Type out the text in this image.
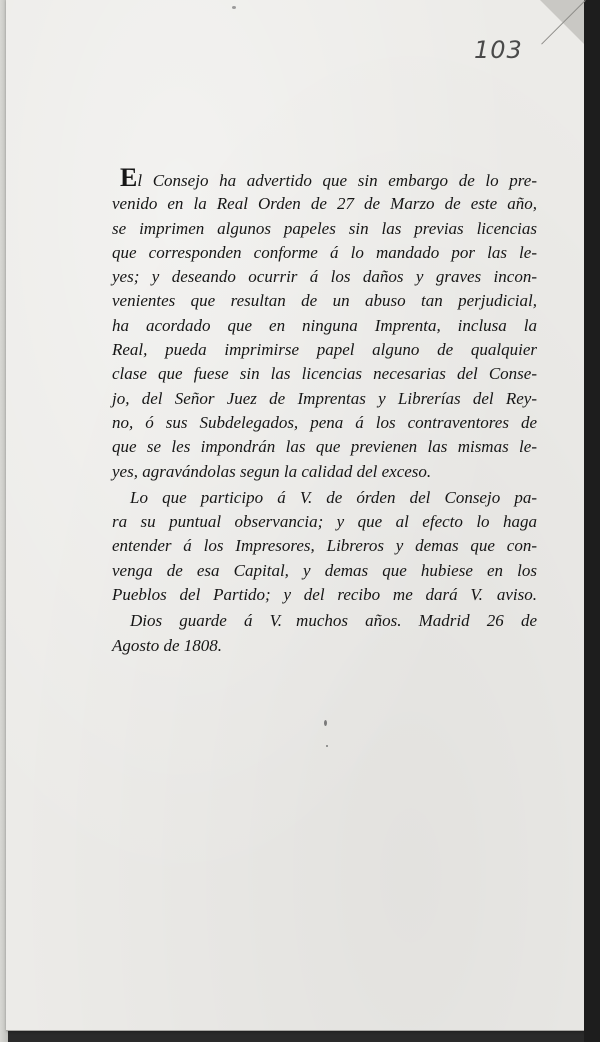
103
El Consejo ha advertido que sin embargo de lo pre-
venido en la Real Orden de 27 de Marzo de este año,
se imprimen algunos papeles sin las previas licencias
que corresponden conforme á lo mandado por las le-
yes; y deseando ocurrir á los daños y graves incon-
venientes que resultan de un abuso tan perjudicial,
ha acordado que en ninguna Imprenta, inclusa la
Real, pueda imprimirse papel alguno de qualquier
clase que fuese sin las licencias necesarias del Conse-
jo, del Señor Juez de Imprentas y Librerías del Rey-
no, ó sus Subdelegados, pena á los contraventores de
que se les impondrán las que previenen las mismas le-
yes, agravándolas segun la calidad del exceso.
Lo que participo á V. de órden del Consejo pa-
ra su puntual observancia; y que al efecto lo haga
entender á los Impresores, Libreros y demas que con-
venga de esa Capital, y demas que hubiese en los
Pueblos del Partido; y del recibo me dará V. aviso.
Dios guarde á V. muchos años. Madrid 26 de
Agosto de 1808.
